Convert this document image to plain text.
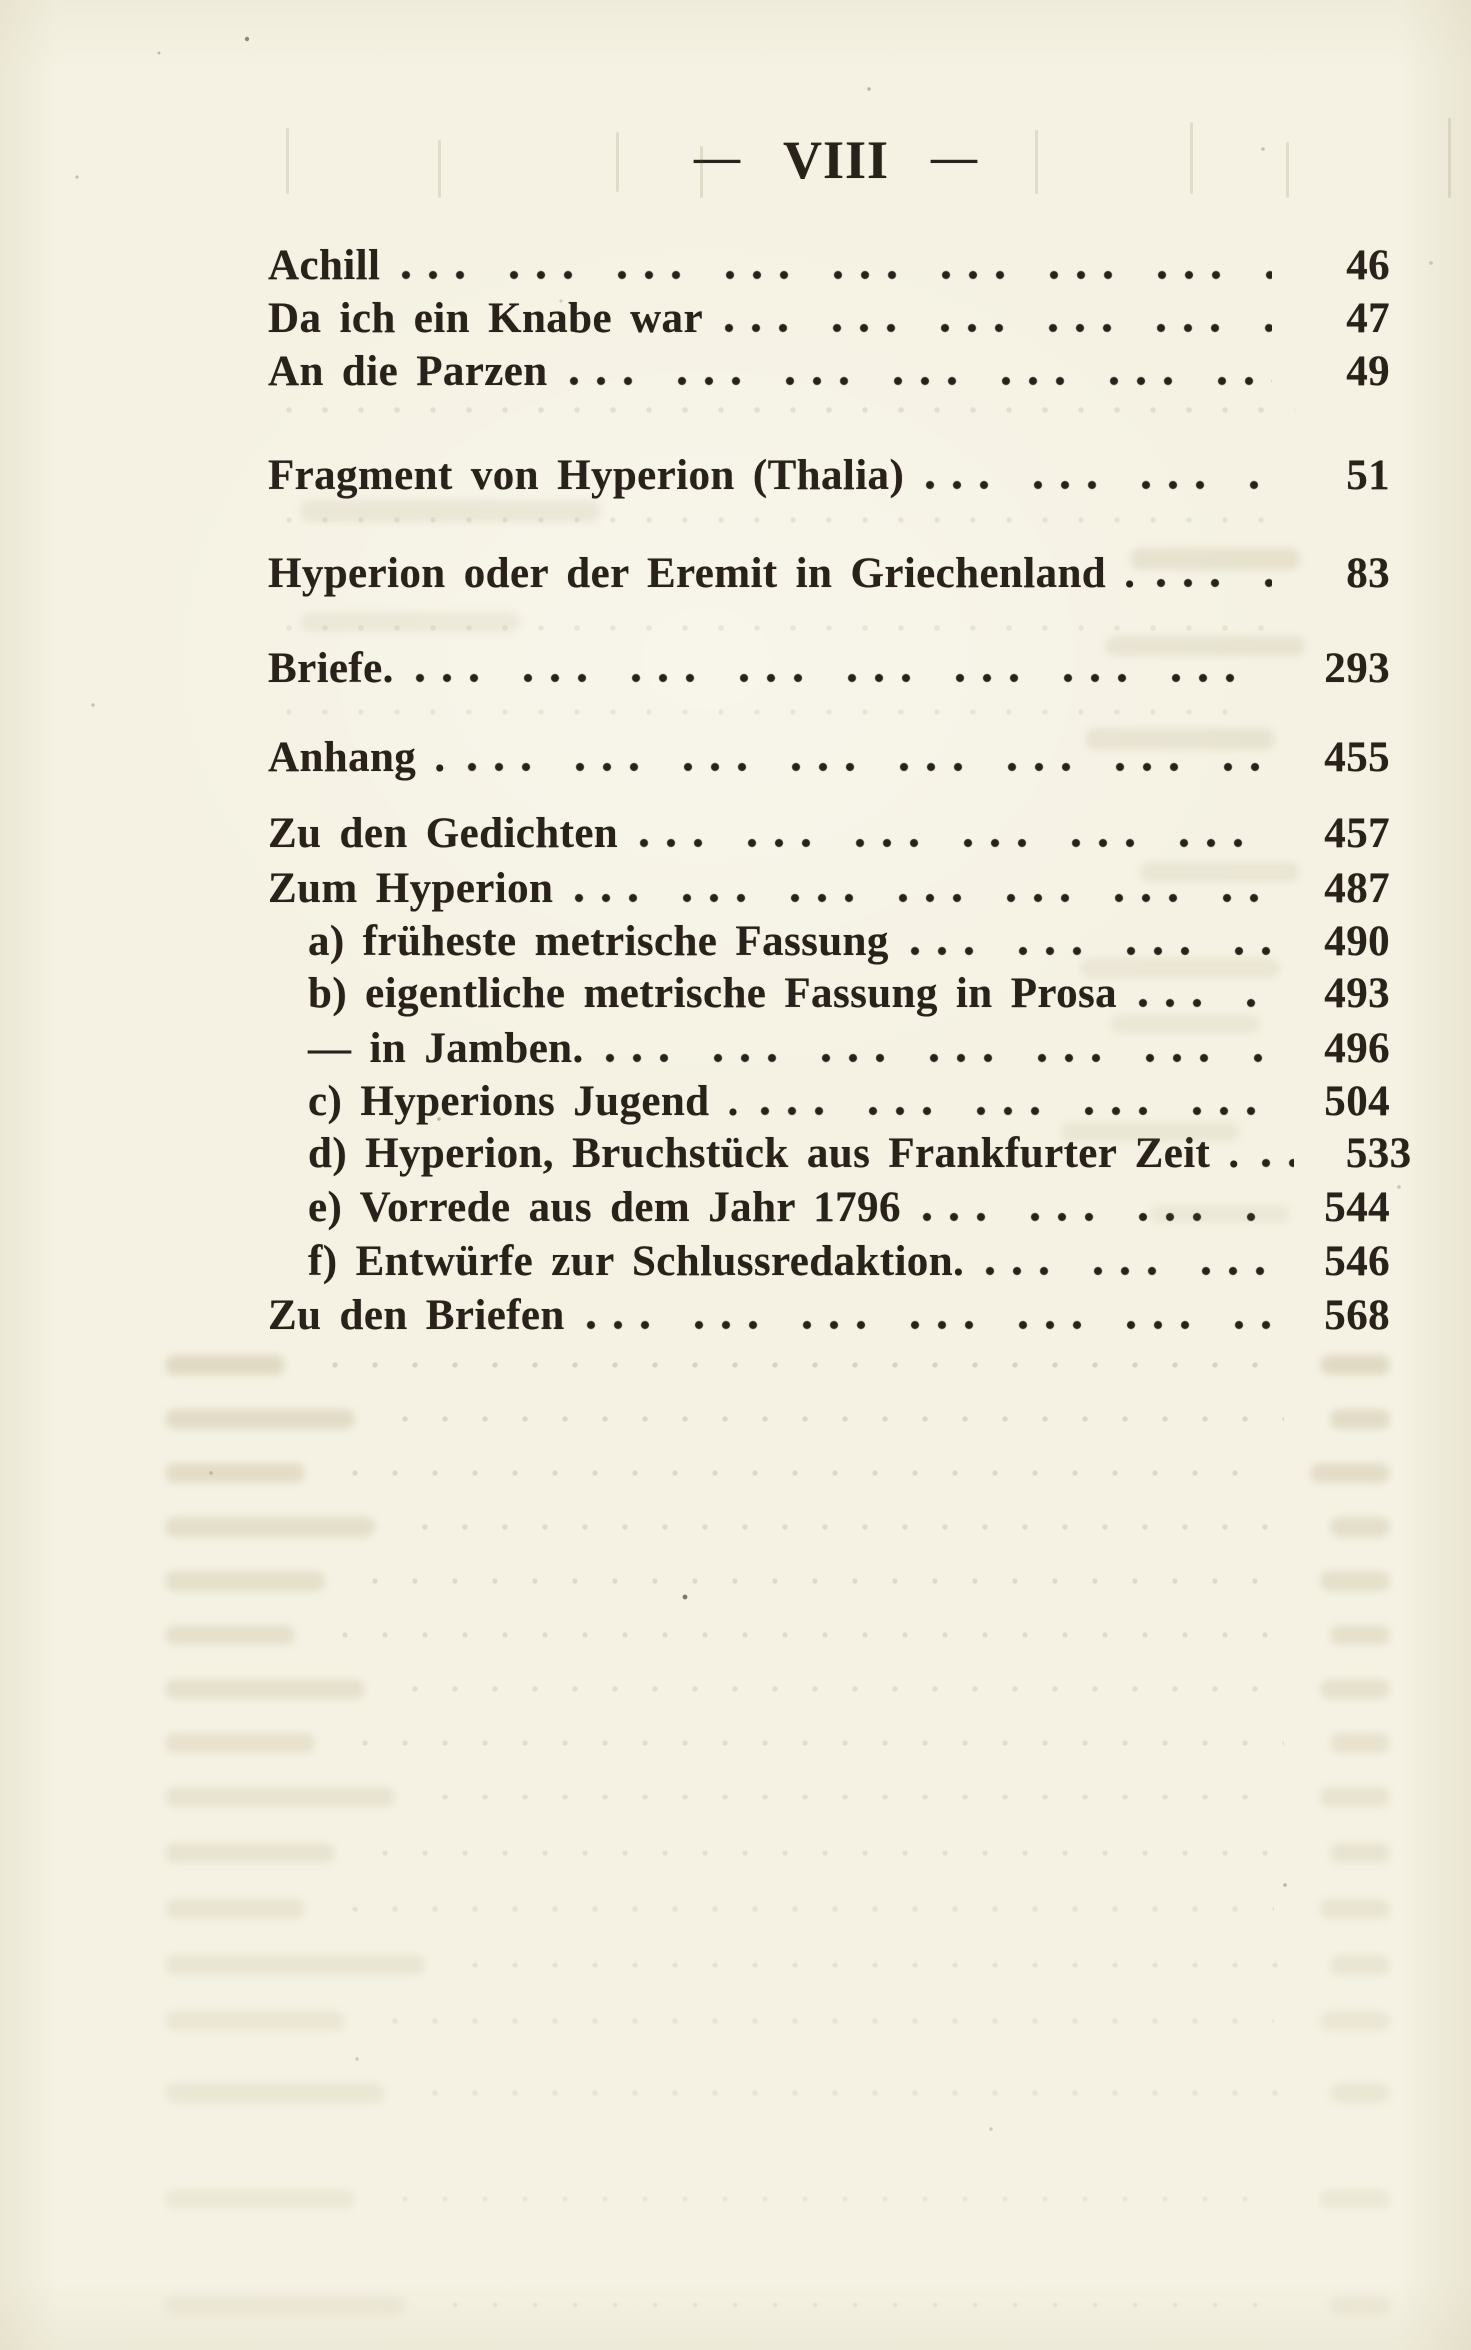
— VIII —
Achill	46
Da ich ein Knabe war	47
An die Parzen	49
Fragment von Hyperion (Thalia)	51
Hyperion oder der Eremit in Griechenland .	83
Briefe.	293
Anhang .	455
Zu den Gedichten	457
Zum Hyperion	487
a) früheste metrische Fassung	490
b) eigentliche metrische Fassung in Prosa	493
— in Jamben.	496
c) Hyperions Jugend .	504
d) Hyperion, Bruchstück aus Frankfurter Zeit .	533
e) Vorrede aus dem Jahr 1796	544
f) Entwürfe zur Schlussredaktion.	546
Zu den Briefen	568
